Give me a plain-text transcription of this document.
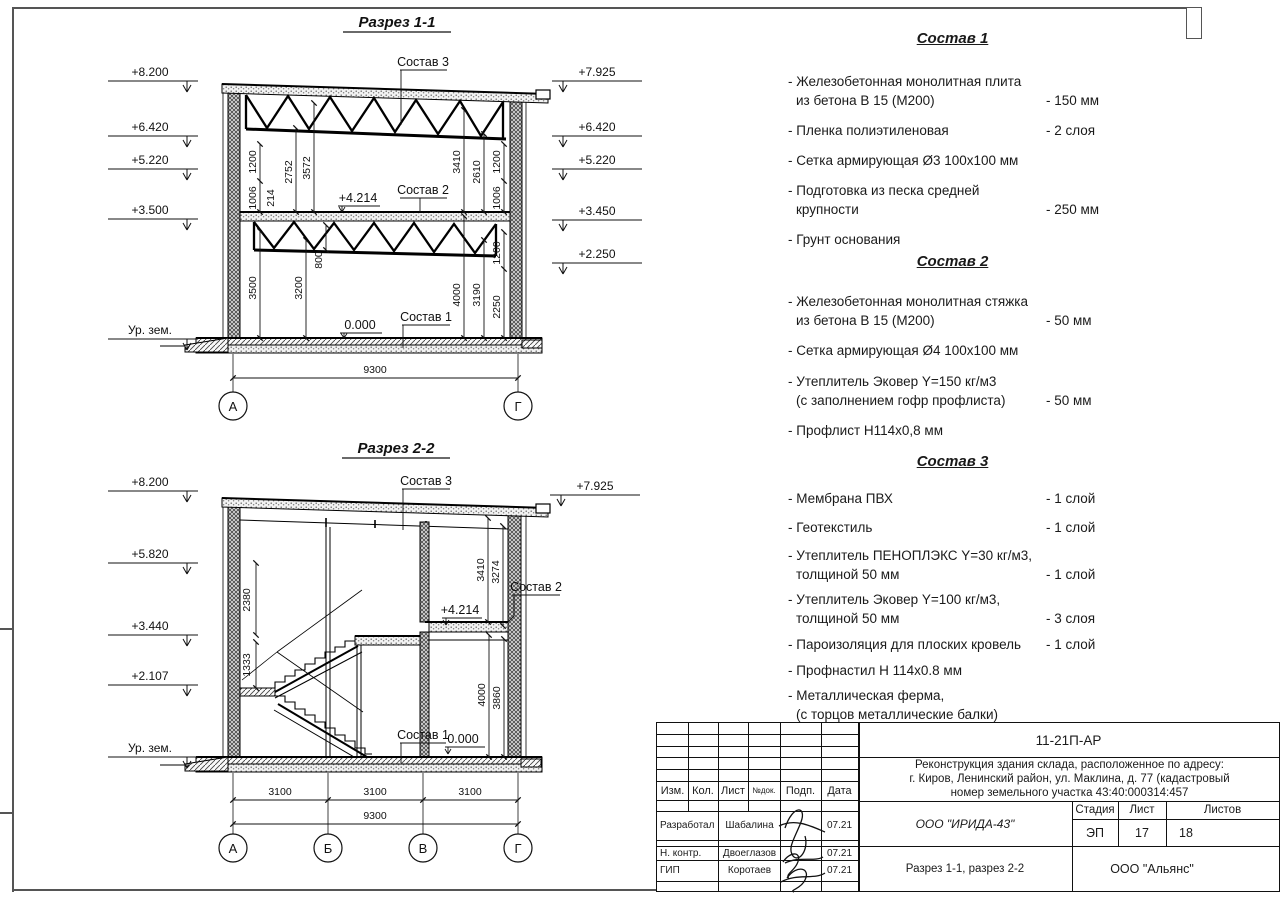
Разрез 1-1
1006
1200
214
2752 3572	3410 2610 1200
1006
3500	3200
800	1200
4000 3190
2250
9300
А	Г
+8.200
+6.420
+5.220
+3.500
Ур. зем.
+7.925
+6.420
+5.220
+3.450
+2.250
Состав 3
Состав 2
Состав 1
+4.214
0.000
Разрез 2-2
2380
1333
3410 3274
4000 3860
3100	3100	3100
9300
А	Б	В	Г
+8.200
+5.820
+3.440
+2.107
Ур. зем.
+7.925
Состав 3
Состав 2
Состав 1
+4.214
0.000
Состав 1
- Железобетонная монолитная плита
из бетона В 15 (М200)	- 150 мм
- Пленка полиэтиленовая	- 2 слоя
- Сетка армирующая Ø3 100х100 мм
- Подготовка из песка средней
крупности	- 250 мм
- Грунт основания
Состав 2
- Железобетонная монолитная стяжка
из бетона В 15 (М200)	- 50 мм
- Сетка армирующая Ø4 100х100 мм
- Утеплитель Эковер Y=150 кг/м3
(с заполнением гофр профлиста)	- 50 мм
- Профлист Н114х0,8 мм
Состав 3
- Мембрана ПВХ	- 1 слой
- Геотекстиль	- 1 слой
- Утеплитель ПЕНОПЛЭКС Y=30 кг/м3,
толщиной 50 мм	- 1 слой
- Утеплитель Эковер Y=100 кг/м3,
толщиной 50 мм	- 3 слоя
- Пароизоляция для плоских кровель	- 1 слой
- Профнастил Н 114х0.8 мм
- Металлическая ферма,
(с торцов металлические балки)
Изм. Кол. Лист №док. Подп.	Дата
Разработал	Шабалина	07.21
Н. контр.	Двоеглазов	07.21
ГИП	Коротаев	07.21
11-21П-АР
Реконструкция здания склада, расположенное по адресу:
г. Киров, Ленинский район, ул. Маклина, д. 77 (кадастровый
номер земельного участка 43:40:000314:457
ООО "ИРИДА-43"
Стадия	Лист	Листов
ЭП	17	18
Разрез 1-1, разрез 2-2	ООО "Альянс"
